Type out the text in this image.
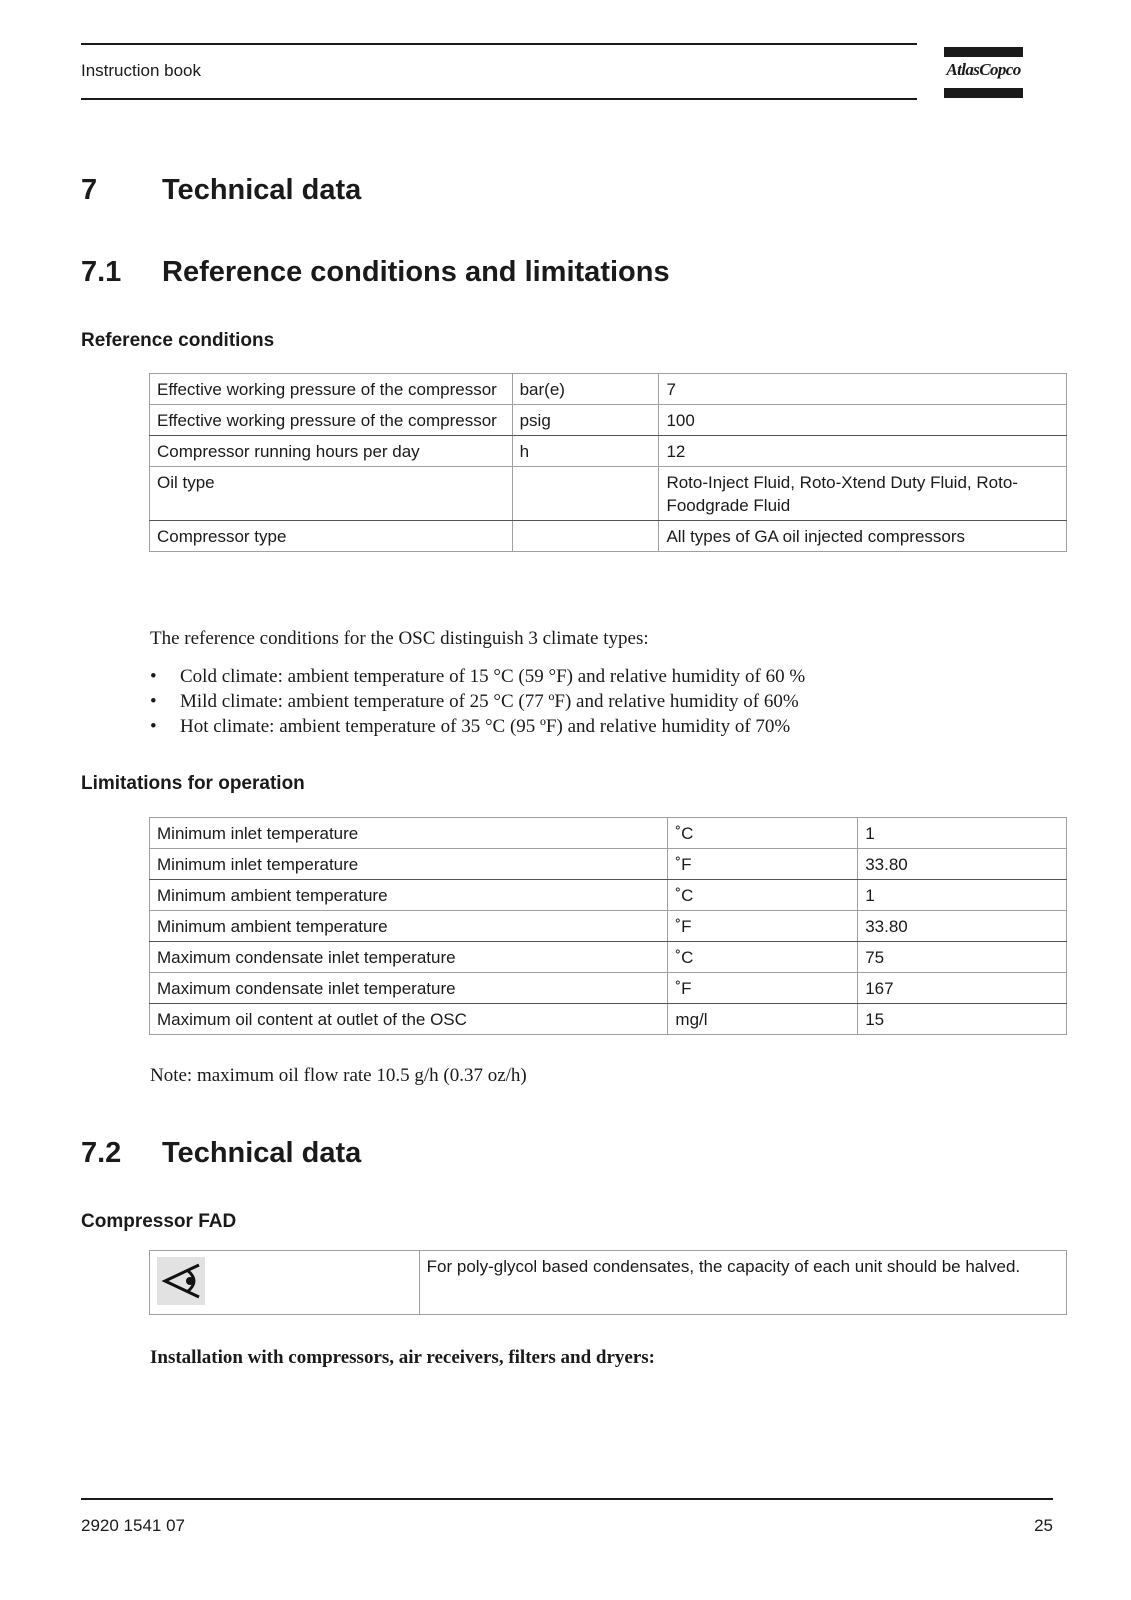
Instruction book	AtlasCopco
7 Technical data
7.1 Reference conditions and limitations
Reference conditions
Effective working pressure of the compressor	bar(e)	7
Effective working pressure of the compressor	psig	100
Compressor running hours per day	h	12
Oil type		Roto-Inject Fluid, Roto-Xtend Duty Fluid, Roto-Foodgrade Fluid
Compressor type		All types of GA oil injected compressors
The reference conditions for the OSC distinguish 3 climate types:
• Cold climate: ambient temperature of 15 °C (59 °F) and relative humidity of 60 %
• Mild climate: ambient temperature of 25 °C (77 ºF) and relative humidity of 60%
• Hot climate: ambient temperature of 35 °C (95 ºF) and relative humidity of 70%
Limitations for operation
Minimum inlet temperature	˚C	1
Minimum inlet temperature	˚F	33.80
Minimum ambient temperature	˚C	1
Minimum ambient temperature	˚F	33.80
Maximum condensate inlet temperature	˚C	75
Maximum condensate inlet temperature	˚F	167
Maximum oil content at outlet of the OSC	mg/l	15
Note: maximum oil flow rate 10.5 g/h (0.37 oz/h)
7.2 Technical data
Compressor FAD
	For poly-glycol based condensates, the capacity of each unit should be halved.
Installation with compressors, air receivers, filters and dryers:
2920 1541 07	25
